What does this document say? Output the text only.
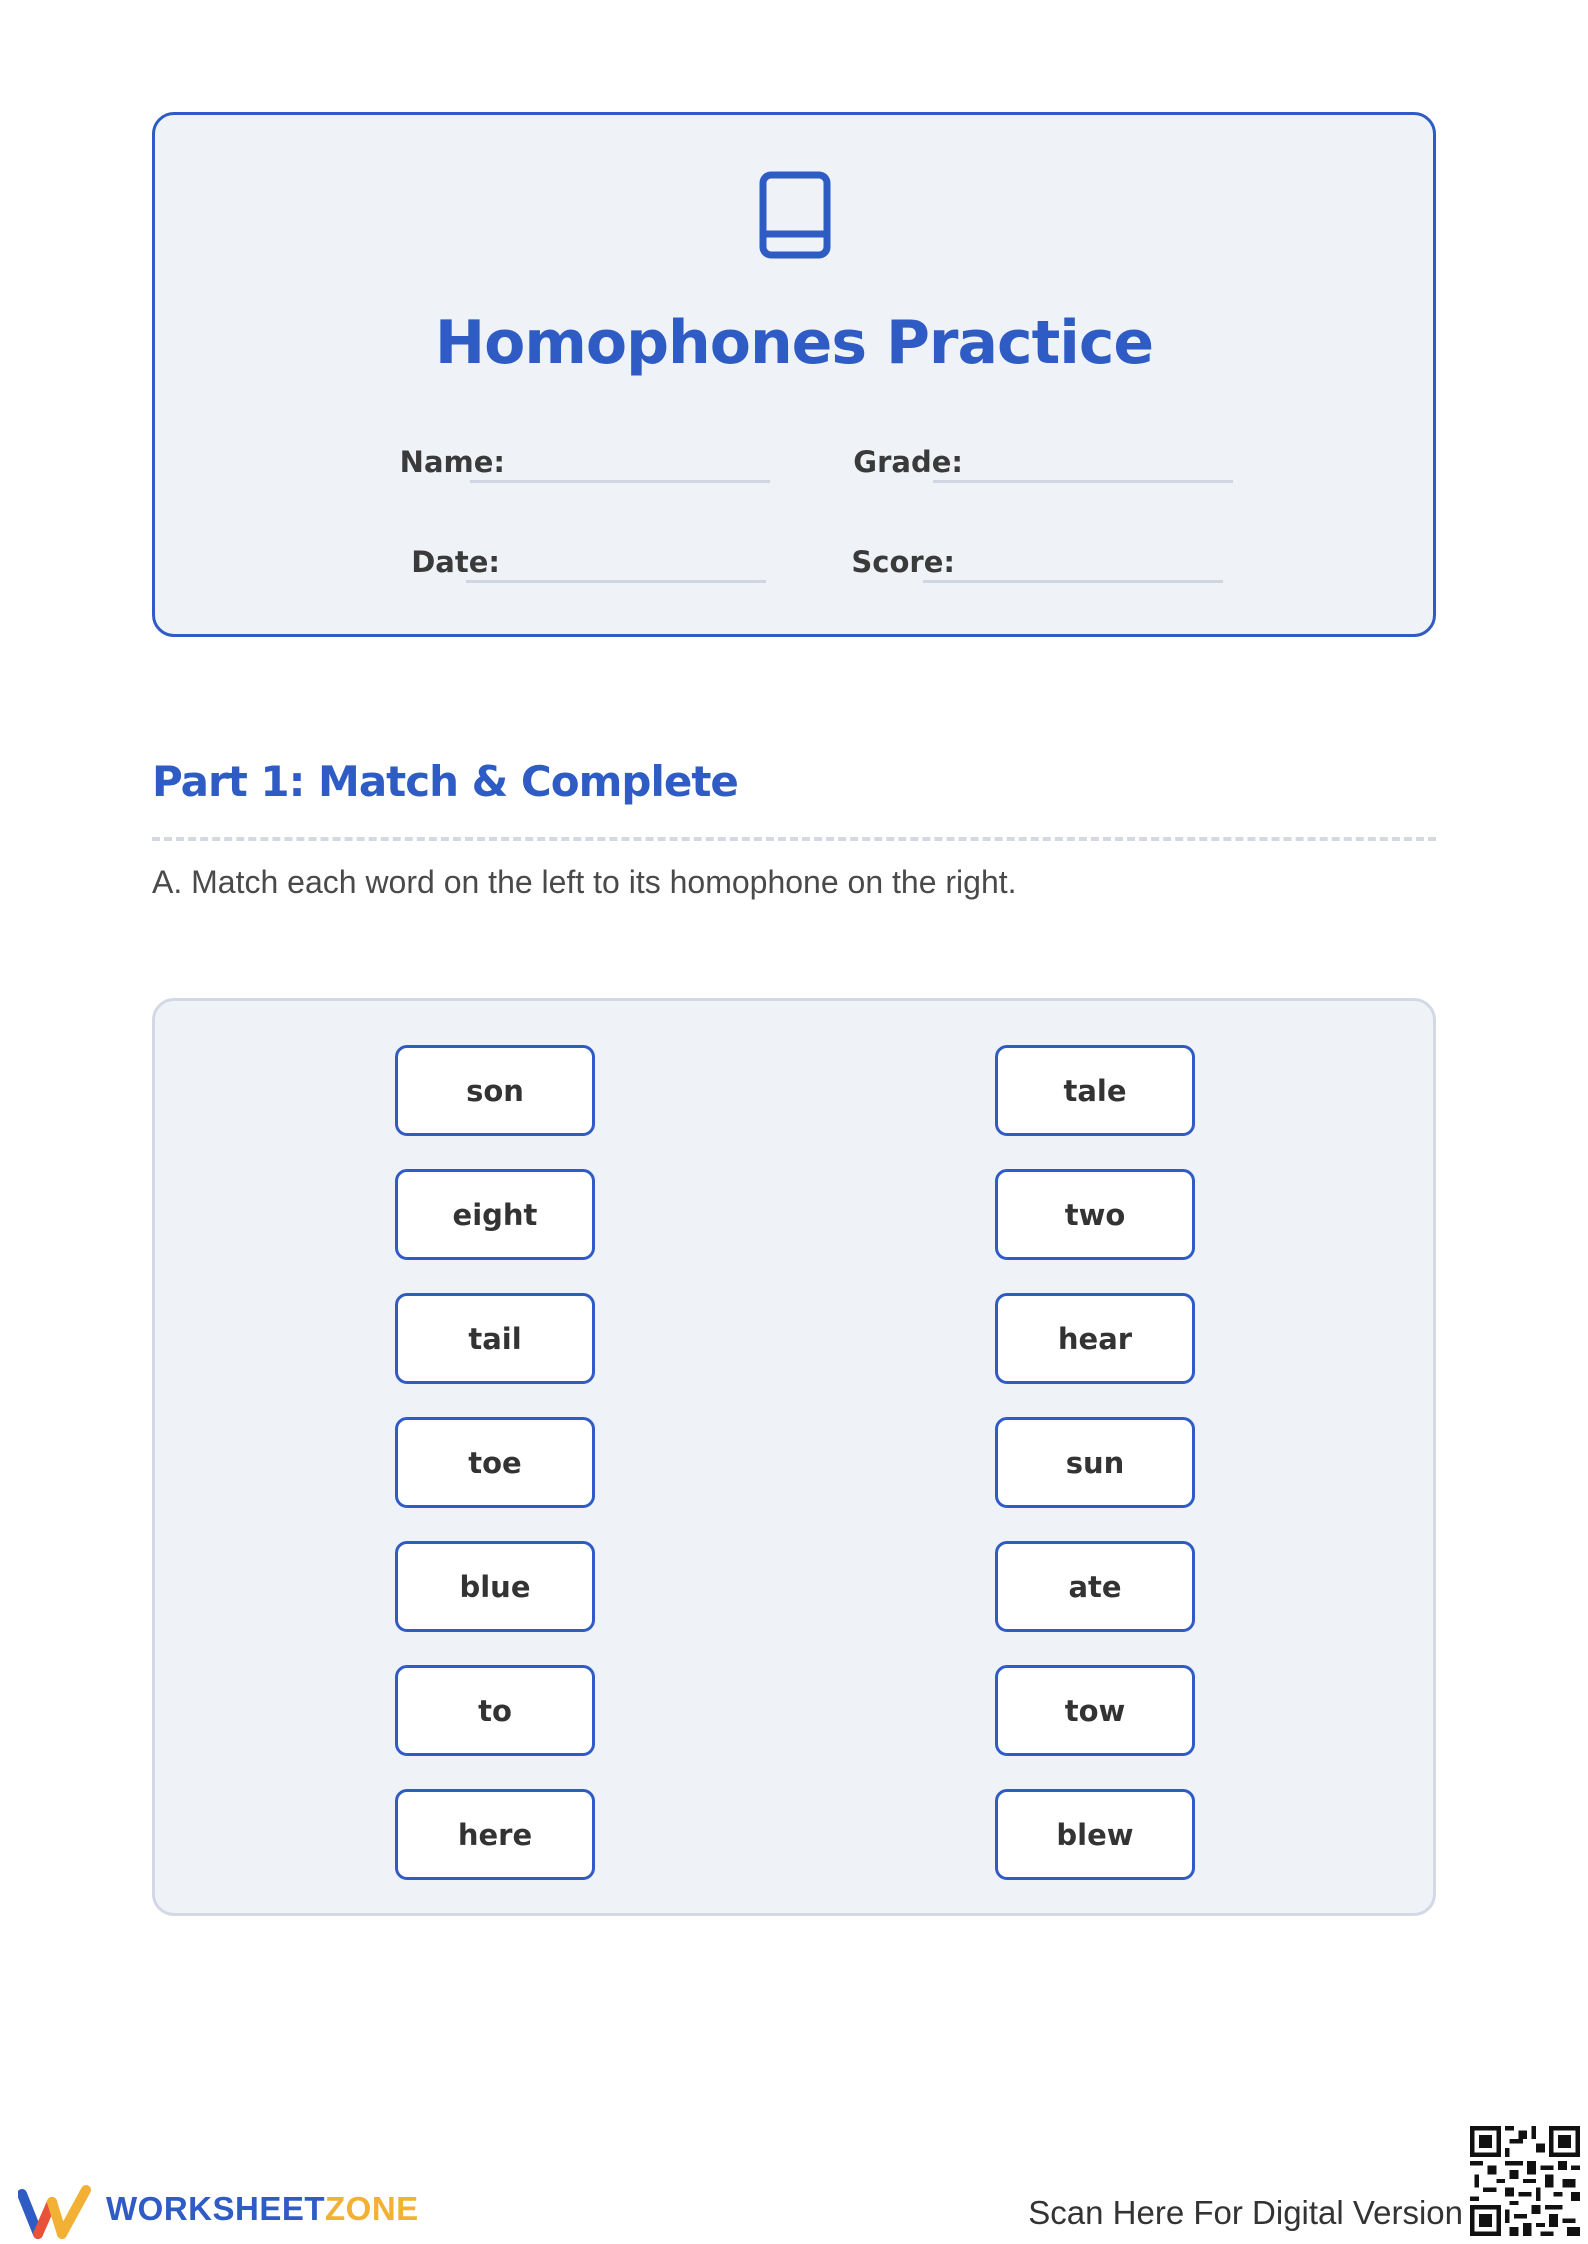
Homophones Practice
Name:	Grade:
Date:	Score:
Part 1: Match & Complete
A. Match each word on the left to its homophone on the right.
son
eight
tail
toe
blue
to
here
tale
two
hear
sun
ate
tow
blew
WORKSHEETZONE	Scan Here For Digital Version
